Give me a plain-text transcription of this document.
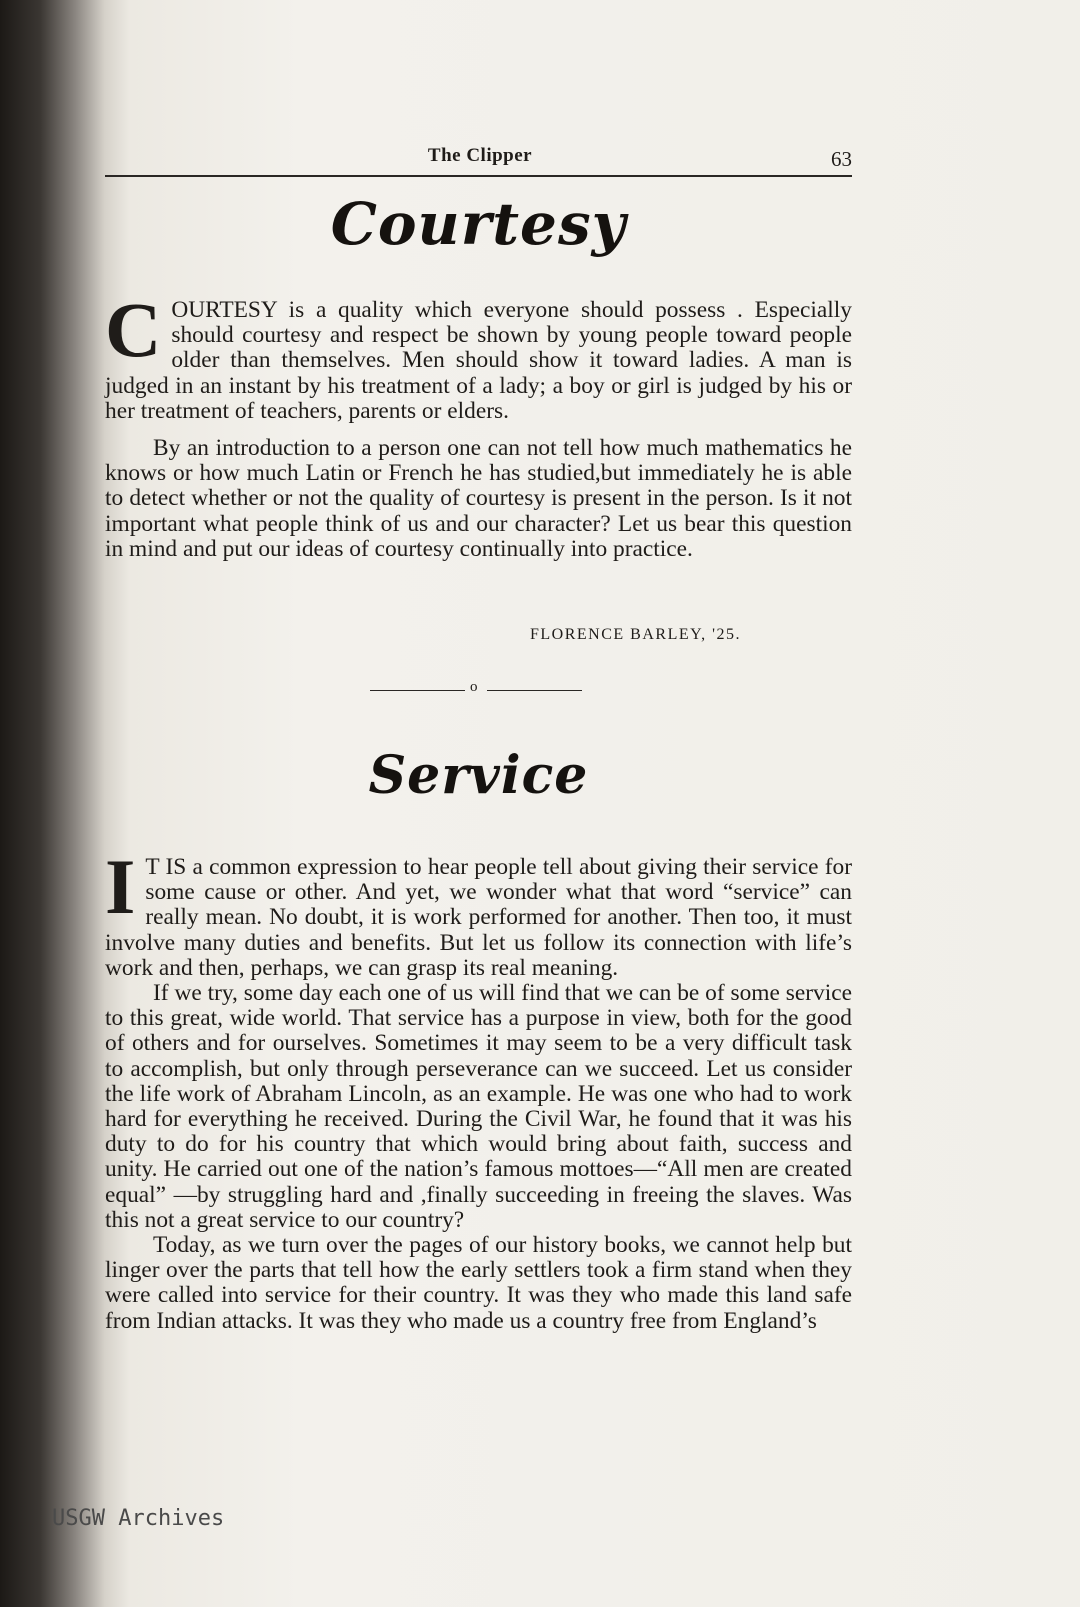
The Clipper	63
Courtesy

COURTESY is a quality which everyone should possess . Especially should courtesy and respect be shown by young people toward people older than themselves. Men should show it toward ladies. A man is judged in an instant by his treatment of a lady; a boy or girl is judged by his or her treatment of teachers, parents or elders.

By an introduction to a person one can not tell how much mathematics he knows or how much Latin or French he has studied,but immediately he is able to detect whether or not the quality of courtesy is present in the person. Is it not important what people think of us and our character? Let us bear this question in mind and put our ideas of courtesy continually into practice.

FLORENCE BARLEY, '25.
o
Service

I T IS a common expression to hear people tell about giving their service for some cause or other. And yet, we wonder what that word “service” can really mean. No doubt, it is work performed for another. Then too, it must involve many duties and benefits. But let us follow its connection with life’s work and then, perhaps, we can grasp its real meaning.

If we try, some day each one of us will find that we can be of some service to this great, wide world. That service has a purpose in view, both for the good of others and for ourselves. Sometimes it may seem to be a very difficult task to accomplish, but only through perseverance can we succeed. Let us consider the life work of Abraham Lincoln, as an example. He was one who had to work hard for everything he received. During the Civil War, he found that it was his duty to do for his country that which would bring about faith, success and unity. He carried out one of the nation’s famous mottoes—“All men are created equal” —by struggling hard and ,finally succeeding in freeing the slaves. Was this not a great service to our country?

Today, as we turn over the pages of our history books, we cannot help but linger over the parts that tell how the early settlers took a firm stand when they were called into service for their country. It was they who made this land safe from Indian attacks. It was they who made us a country free from England’s

USGW Archives
